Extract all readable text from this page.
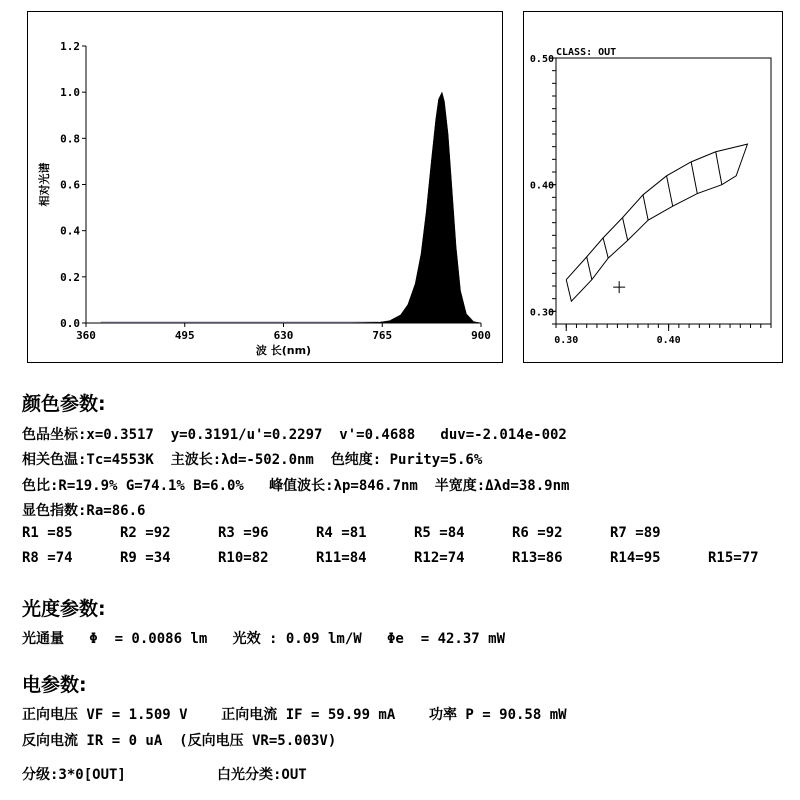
0.0
0.2
0.4
0.6
0.8
1.0
1.2
360	495	630	765	900
波 长(nm)
相对光谱
0.30	0.40
0.30
0.40
0.50
CLASS: OUT
颜色参数:
色品坐标:x=0.3517  y=0.3191/u'=0.2297  v'=0.4688   duv=-2.014e-002
相关色温:Tc=4553K  主波长:λd=-502.0nm  色纯度: Purity=5.6%
色比:R=19.9% G=74.1% B=6.0%   峰值波长:λp=846.7nm  半宽度:Δλd=38.9nm
显色指数:Ra=86.6
R1 =85	R2 =92	R3 =96	R4 =81	R5 =84	R6 =92	R7 =89
R8 =74	R9 =34	R10=82	R11=84	R12=74	R13=86	R14=95	R15=77
光度参数:
光通量   Φ  = 0.0086 lm   光效 : 0.09 lm/W   Φe  = 42.37 mW
电参数:
正向电压 VF = 1.509 V    正向电流 IF = 59.99 mA    功率 P = 90.58 mW
反向电流 IR = 0 uA  (反向电压 VR=5.003V)
分级:3*0[OUT]	白光分类:OUT
